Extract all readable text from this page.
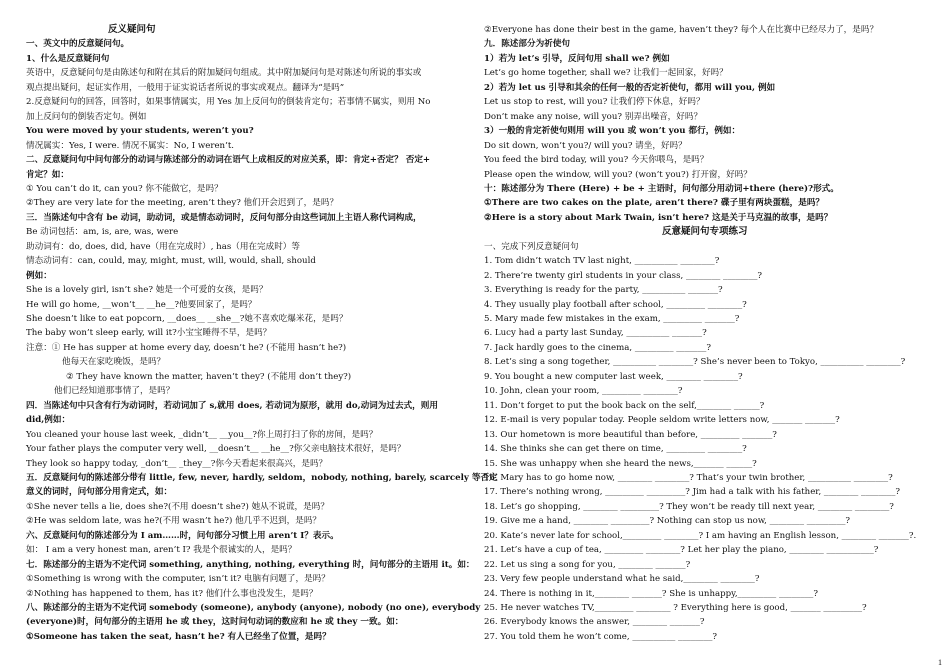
反义疑问句
一、英文中的反意疑问句。
1、什么是反意疑问句
英语中，反意疑问句是由陈述句和附在其后的附加疑问句组成。其中附加疑问句是对陈述句所说的事实或
观点提出疑问，起证实作用，一般用于证实说话者所说的事实或观点。翻译为“是吗”
2.反意疑问句的回答，回答时，如果事情属实，用 Yes 加上反问句的倒装肯定句；若事情不属实，则用 No
加上反问句的倒装否定句。例如
You were moved by your students, weren’t you?
情况属实：Yes, I were. 情况不属实：No, I weren’t.
二、反意疑问句中问句部分的动词与陈述部分的动词在语气上成相反的对应关系，即：肯定+否定？ 否定+
肯定？如：
① You can’t do it, can you? 你不能做它，是吗？
②They are very late for the meeting, aren’t they? 他们开会迟到了，是吗？
三．当陈述句中含有 be 动词，助动词，或是情态动词时，反问句部分由这些词加上主语人称代词构成，
Be 动词包括：am, is, are, was, were
助动词有：do, does, did, have（用在完成时）, has（用在完成时）等
情态动词有：can, could, may, might, must, will, would, shall, should
例如：
She is a lovely girl, isn’t she? 她是一个可爱的女孩，是吗？
He will go home, __won’t__ __he__?他要回家了，是吗？
She doesn’t like to eat popcorn, __does__ __she__?她不喜欢吃爆米花，是吗？
The baby won’t sleep early, will it?小宝宝睡得不早，是吗？
注意：① He has supper at home every day, doesn’t he? (不能用 hasn’t he?)
他每天在家吃晚饭，是吗？
② They have known the matter, haven’t they? (不能用 don’t they?)
他们已经知道那事情了，是吗？
四．当陈述句中只含有行为动词时，若动词加了 s,就用 does, 若动词为原形，就用 do,动词为过去式，则用
did,例如：
You cleaned your house last week, _didn’t__ __you__?你上周打扫了你的房间，是吗？
Your father plays the computer very well, __doesn’t__ __he__?你父亲电脑技术很好，是吗？
They look so happy today, _don’t__ _they__?你今天看起来很高兴，是吗？
五．反意疑问句的陈述部分带有 little, few, never, hardly, seldom，nobody, nothing, barely, scarcely 等否定
意义的词时，问句部分用肯定式，如：
①She never tells a lie, does she?(不用 doesn’t she?) 她从不说谎，是吗？
②He was seldom late, was he?(不用 wasn’t he?) 他几乎不迟到，是吗？
六、反意疑问句的陈述部分为 I am……时，问句部分习惯上用 aren’t I？表示。
如： I am a very honest man, aren’t I? 我是个很诚实的人，是吗？
七．陈述部分的主语为不定代词 something, anything, nothing, everything 时，问句部分的主语用 it。如：
①Something is wrong with the computer, isn’t it? 电脑有问题了，是吗？
②Nothing has happened to them, has it? 他们什么事也没发生，是吗？
八、陈述部分的主语为不定代词 somebody (someone), anybody (anyone), nobody (no one), everybody
(everyone)时，问句部分的主语用 he 或 they，这时问句动词的数应和 he 或 they 一致。如：
①Someone has taken the seat, hasn’t he? 有人已经坐了位置，是吗？
②Everyone has done their best in the game, haven’t they? 每个人在比赛中已经尽力了，是吗？
九．陈述部分为祈使句
1）若为 let’s 引导，反问句用 shall we? 例如
Let’s go home together, shall we? 让我们一起回家，好吗？
2）若为 let us 引导和其余的任何一般的否定祈使句，都用 will you, 例如
Let us stop to rest, will you? 让我们停下休息，好吗？
Don’t make any noise, will you? 别弄出噪音，好吗？
3）一般的肯定祈使句则用 will you 或 won’t you 都行，例如：
Do sit down, won’t you?/ will you? 请坐，好吗？
You feed the bird today, will you? 今天你喂鸟，是吗？
Please open the window, will you? (won’t you?) 打开窗，好吗？
十：陈述部分为 There (Here) + be + 主语时，问句部分用动词+there (here)?形式。
①There are two cakes on the plate, aren’t there? 碟子里有两块蛋糕，是吗？
②Here is a story about Mark Twain, isn’t here? 这是关于马克温的故事，是吗？
反意疑问句专项练习
一、完成下列反意疑问句
1. Tom didn’t watch TV last night, __________ ________?
2. There’re twenty girl students in your class, ________ ________?
3. Everything is ready for the party, __________ _______?
4. They usually play football after school, _________ ________?
5. Mary made few mistakes in the exam, _________ _______?
6. Lucy had a party last Sunday, __________ _______?
7. Jack hardly goes to the cinema, _________ _______?
8. Let’s sing a song together, __________ ________? She’s never been to Tokyo, __________ ________?
9. You bought a new computer last week, ________ ________?
10. John, clean your room, _________ ________?
11. Don’t forget to put the book back on the self,________ ______?
12. E-mail is very popular today. People seldom write letters now, _______ _______?
13. Our hometown is more beautiful than before, _________ _______?
14. She thinks she can get there on time, _________ ________?
15. She was unhappy when she heard the news,_______ ______?
16. Mary has to go home now, ________ ________? That’s your twin brother, __________ ________?
17. There’s nothing wrong, _________ _________? Jim had a talk with his father, ________ ________?
18. Let’s go shopping, ________ _________? They won’t be ready till next year, ________ ________?
19. Give me a hand, ________ _________? Nothing can stop us now, ________ _________?
20. Kate’s never late for school,_________ ________? I am having an English lesson, ________ _______?.
21. Let’s have a cup of tea, _________ ________? Let her play the piano, ________ ___________?
22. Let us sing a song for you, ________ _______?
23. Very few people understand what he said,________ ________?
24. There is nothing in it,________ _______? She is unhappy,_________ ________?
25. He never watches TV,_________ ________ ? Everything here is good, _______ _________?
26. Everybody knows the answer, ________ _______?
27. You told them he won’t come, __________ ________?
1
